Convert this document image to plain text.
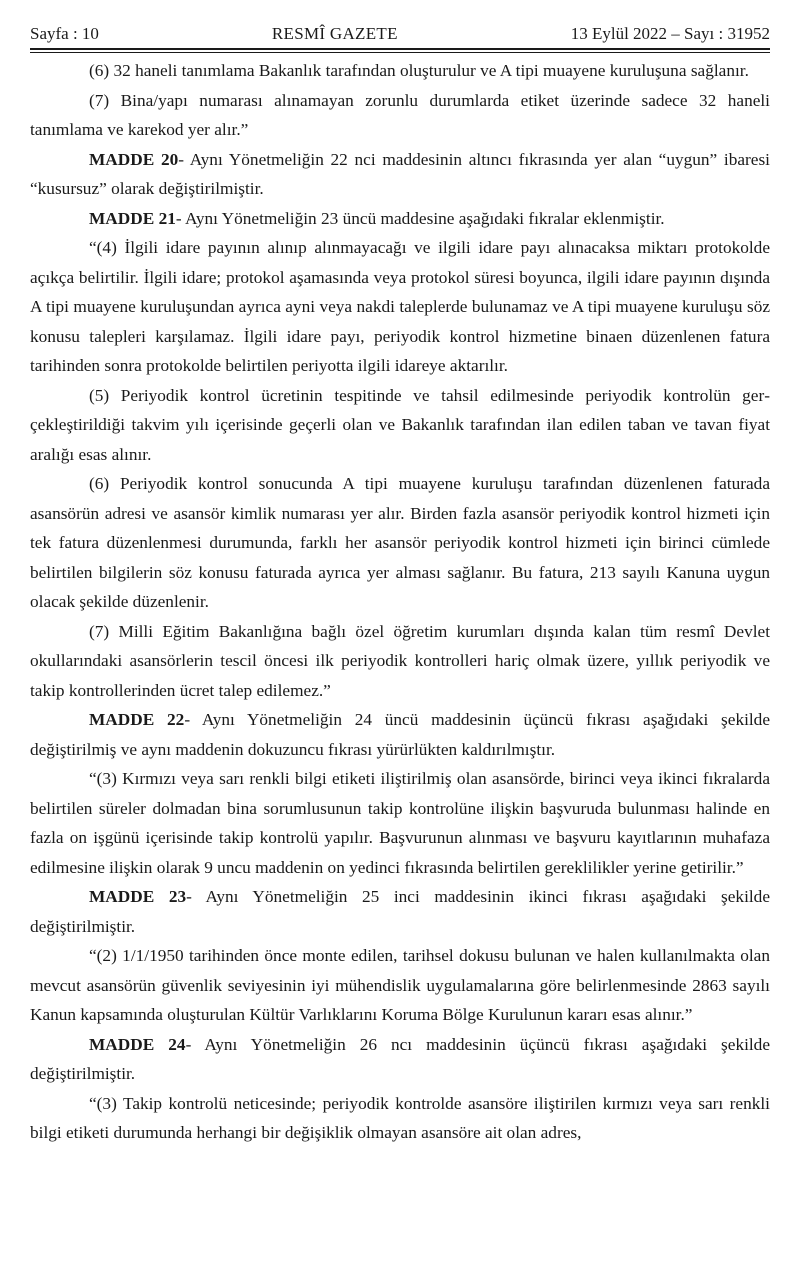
Sayfa : 10	RESMÎ GAZETE	13 Eylül 2022 – Sayı : 31952

(6) 32 haneli tanımlama Bakanlık tarafından oluşturulur ve A tipi muayene kuruluşuna sağlanır.

(7) Bina/yapı numarası alınamayan zorunlu durumlarda etiket üzerinde sadece 32 haneli tanımlama ve karekod yer alır.”

MADDE 20- Aynı Yönetmeliğin 22 nci maddesinin altıncı fıkrasında yer alan “uygun” ibaresi “kusursuz” olarak değiştirilmiştir.

MADDE 21- Aynı Yönetmeliğin 23 üncü maddesine aşağıdaki fıkralar eklenmiştir.

“(4) İlgili idare payının alınıp alınmayacağı ve ilgili idare payı alınacaksa miktarı protokolde açıkça belirtilir. İlgili idare; protokol aşamasında veya protokol süresi boyunca, ilgili idare payının dışında A tipi muayene kuruluşundan ayrıca ayni veya nakdi taleplerde bulunamaz ve A tipi muayene kuruluşu söz konusu talepleri karşılamaz. İlgili idare payı, periyodik kontrol hizmetine binaen düzenlenen fatura tarihinden sonra protokolde belirtilen periyotta ilgili idareye aktarılır.

(5) Periyodik kontrol ücretinin tespitinde ve tahsil edilmesinde periyodik kontrolün gerçekleştirildiği takvim yılı içerisinde geçerli olan ve Bakanlık tarafından ilan edilen taban ve tavan fiyat aralığı esas alınır.

(6) Periyodik kontrol sonucunda A tipi muayene kuruluşu tarafından düzenlenen faturada asansörün adresi ve asansör kimlik numarası yer alır. Birden fazla asansör periyodik kontrol hizmeti için tek fatura düzenlenmesi durumunda, farklı her asansör periyodik kontrol hizmeti için birinci cümlede belirtilen bilgilerin söz konusu faturada ayrıca yer alması sağlanır. Bu fatura, 213 sayılı Kanuna uygun olacak şekilde düzenlenir.

(7) Milli Eğitim Bakanlığına bağlı özel öğretim kurumları dışında kalan tüm resmî Devlet okullarındaki asansörlerin tescil öncesi ilk periyodik kontrolleri hariç olmak üzere, yıllık periyodik ve takip kontrollerinden ücret talep edilemez.”

MADDE 22- Aynı Yönetmeliğin 24 üncü maddesinin üçüncü fıkrası aşağıdaki şekilde değiştirilmiş ve aynı maddenin dokuzuncu fıkrası yürürlükten kaldırılmıştır.

“(3) Kırmızı veya sarı renkli bilgi etiketi iliştirilmiş olan asansörde, birinci veya ikinci fıkralarda belirtilen süreler dolmadan bina sorumlusunun takip kontrolüne ilişkin başvuruda bulunması halinde en fazla on işgünü içerisinde takip kontrolü yapılır. Başvurunun alınması ve başvuru kayıtlarının muhafaza edilmesine ilişkin olarak 9 uncu maddenin on yedinci fıkrasında belirtilen gereklilikler yerine getirilir.”

MADDE 23- Aynı Yönetmeliğin 25 inci maddesinin ikinci fıkrası aşağıdaki şekilde değiştirilmiştir.

“(2) 1/1/1950 tarihinden önce monte edilen, tarihsel dokusu bulunan ve halen kullanılmakta olan mevcut asansörün güvenlik seviyesinin iyi mühendislik uygulamalarına göre belirlenmesinde 2863 sayılı Kanun kapsamında oluşturulan Kültür Varlıklarını Koruma Bölge Kurulunun kararı esas alınır.”

MADDE 24- Aynı Yönetmeliğin 26 ncı maddesinin üçüncü fıkrası aşağıdaki şekilde değiştirilmiştir.

“(3) Takip kontrolü neticesinde; periyodik kontrolde asansöre iliştirilen kırmızı veya sarı renkli bilgi etiketi durumunda herhangi bir değişiklik olmayan asansöre ait olan adres,
